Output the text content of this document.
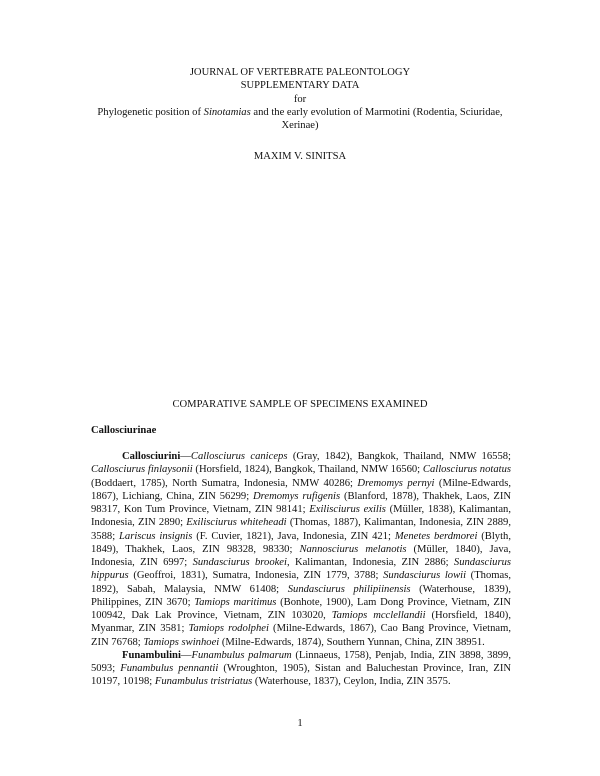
JOURNAL OF VERTEBRATE PALEONTOLOGY
SUPPLEMENTARY DATA
for
Phylogenetic position of Sinotamias and the early evolution of Marmotini (Rodentia, Sciuridae, Xerinae)
MAXIM V. SINITSA
COMPARATIVE SAMPLE OF SPECIMENS EXAMINED
Callosciurinae

Callosciurini—Callosciurus caniceps (Gray, 1842), Bangkok, Thailand, NMW 16558; Callosciurus finlaysonii (Horsfield, 1824), Bangkok, Thailand, NMW 16560; Callosciurus notatus (Boddaert, 1785), North Sumatra, Indonesia, NMW 40286; Dremomys pernyi (Milne-Edwards, 1867), Lichiang, China, ZIN 56299; Dremomys rufigenis (Blanford, 1878), Thakhek, Laos, ZIN 98317, Kon Tum Province, Vietnam, ZIN 98141; Exilisciurus exilis (Müller, 1838), Kalimantan, Indonesia, ZIN 2890; Exilisciurus whiteheadi (Thomas, 1887), Kalimantan, Indonesia, ZIN 2889, 3588; Lariscus insignis (F. Cuvier, 1821), Java, Indonesia, ZIN 421; Menetes berdmorei (Blyth, 1849), Thakhek, Laos, ZIN 98328, 98330; Nannosciurus melanotis (Müller, 1840), Java, Indonesia, ZIN 6997; Sundasciurus brookei, Kalimantan, Indonesia, ZIN 2886; Sundasciurus hippurus (Geoffroi, 1831), Sumatra, Indonesia, ZIN 1779, 3788; Sundasciurus lowii (Thomas, 1892), Sabah, Malaysia, NMW 61408; Sundasciurus philipiinensis (Waterhouse, 1839), Philippines, ZIN 3670; Tamiops maritimus (Bonhote, 1900), Lam Dong Province, Vietnam, ZIN 100942, Dak Lak Province, Vietnam, ZIN 103020, Tamiops mcclellandii (Horsfield, 1840), Myanmar, ZIN 3581; Tamiops rodolphei (Milne-Edwards, 1867), Cao Bang Province, Vietnam, ZIN 76768; Tamiops swinhoei (Milne-Edwards, 1874), Southern Yunnan, China, ZIN 38951.

Funambulini—Funambulus palmarum (Linnaeus, 1758), Penjab, India, ZIN 3898, 3899, 5093; Funambulus pennantii (Wroughton, 1905), Sistan and Baluchestan Province, Iran, ZIN 10197, 10198; Funambulus tristriatus (Waterhouse, 1837), Ceylon, India, ZIN 3575.

1
